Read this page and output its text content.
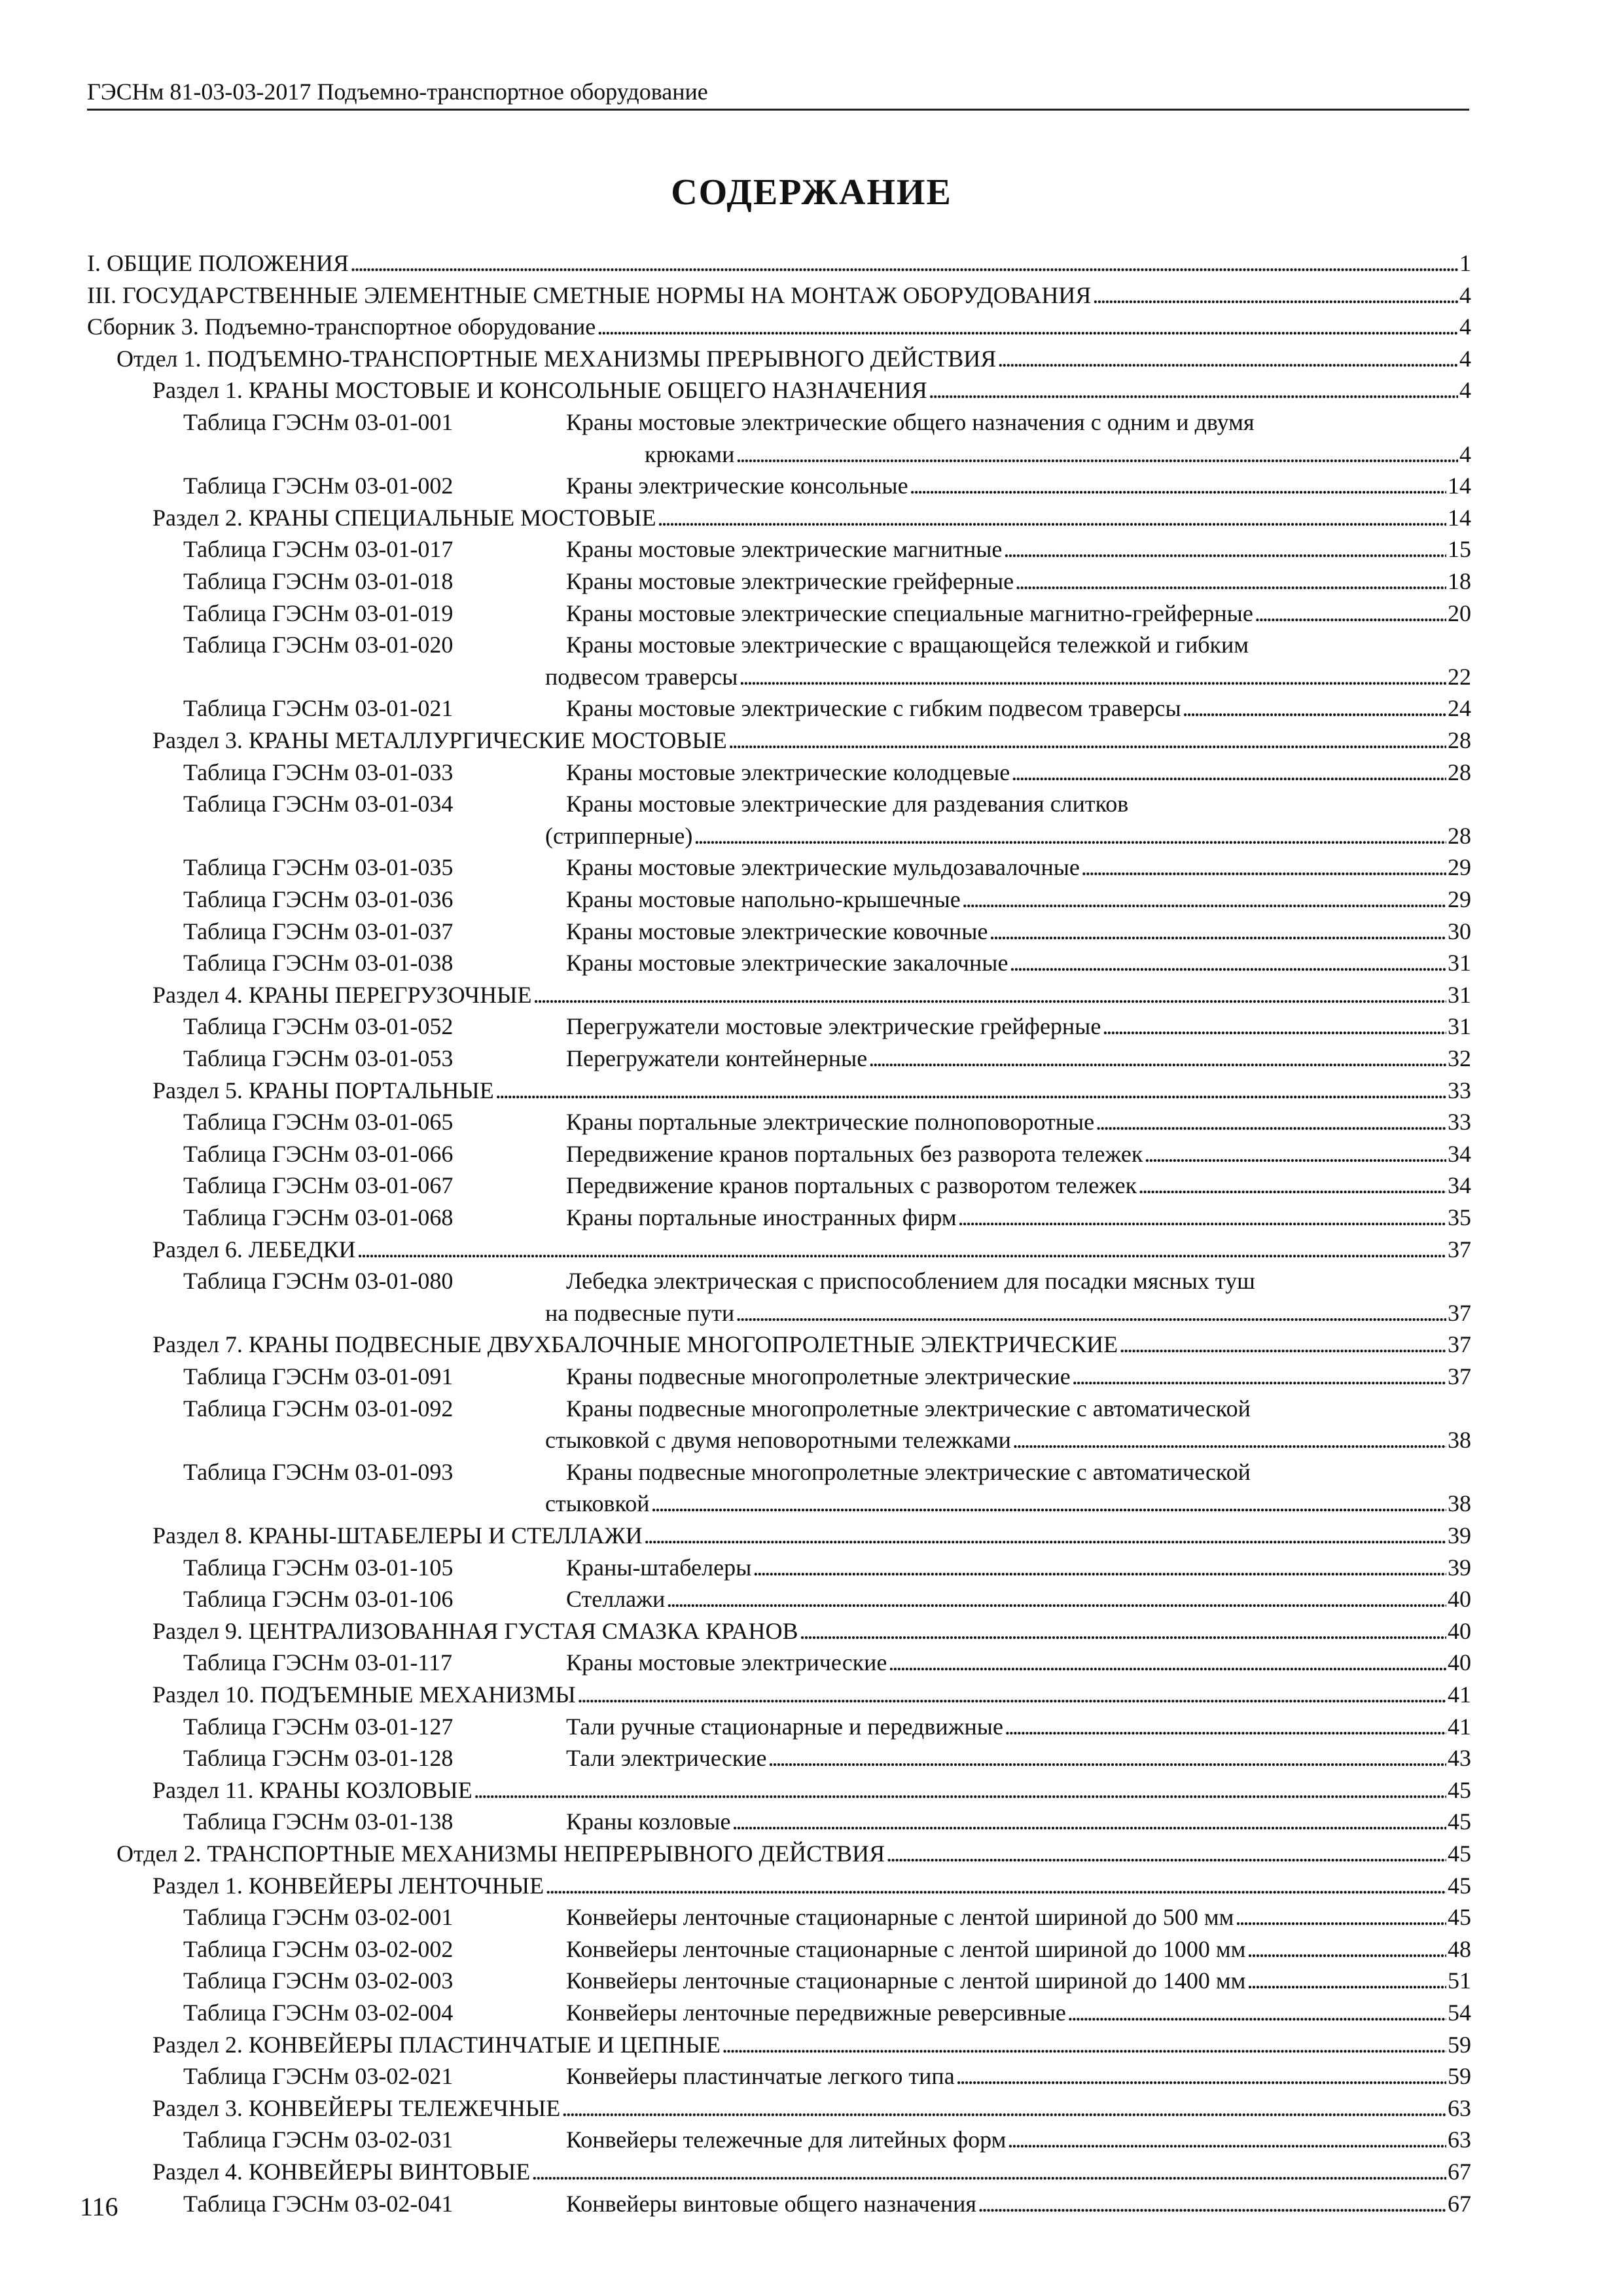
ГЭСНм 81-03-03-2017 Подъемно-транспортное оборудование
СОДЕРЖАНИЕ
I. ОБЩИЕ ПОЛОЖЕНИЯ . . .	1
III. ГОСУДАРСТВЕННЫЕ ЭЛЕМЕНТНЫЕ СМЕТНЫЕ НОРМЫ НА МОНТАЖ ОБОРУДОВАНИЯ . . .	4
Сборник 3. Подъемно-транспортное оборудование . . .	4
Отдел 1. ПОДЪЕМНО-ТРАНСПОРТНЫЕ МЕХАНИЗМЫ ПРЕРЫВНОГО ДЕЙСТВИЯ . . .	4
Раздел 1. КРАНЫ МОСТОВЫЕ И КОНСОЛЬНЫЕ ОБЩЕГО НАЗНАЧЕНИЯ . . .	4
Таблица ГЭСНм 03-01-001	Краны мостовые электрические общего назначения с одним и двумя
крюками . . .	4
Таблица ГЭСНм 03-01-002	Краны электрические консольные . . .	14
Раздел 2. КРАНЫ СПЕЦИАЛЬНЫЕ МОСТОВЫЕ . . .	14
Таблица ГЭСНм 03-01-017	Краны мостовые электрические магнитные . . .	15
Таблица ГЭСНм 03-01-018	Краны мостовые электрические грейферные . . .	18
Таблица ГЭСНм 03-01-019	Краны мостовые электрические специальные магнитно-грейферные . . .	20
Таблица ГЭСНм 03-01-020	Краны мостовые электрические с вращающейся тележкой и гибким
подвесом траверсы . . .	22
Таблица ГЭСНм 03-01-021	Краны мостовые электрические с гибким подвесом траверсы . . .	24
Раздел 3. КРАНЫ МЕТАЛЛУРГИЧЕСКИЕ МОСТОВЫЕ . . .	28
Таблица ГЭСНм 03-01-033	Краны мостовые электрические колодцевые . . .	28
Таблица ГЭСНм 03-01-034	Краны мостовые электрические для раздевания слитков
(стрипперные) . . .	28
Таблица ГЭСНм 03-01-035	Краны мостовые электрические мульдозавалочные . . .	29
Таблица ГЭСНм 03-01-036	Краны мостовые напольно-крышечные . . .	29
Таблица ГЭСНм 03-01-037	Краны мостовые электрические ковочные . . .	30
Таблица ГЭСНм 03-01-038	Краны мостовые электрические закалочные . . .	31
Раздел 4. КРАНЫ ПЕРЕГРУЗОЧНЫЕ . . .	31
Таблица ГЭСНм 03-01-052	Перегружатели мостовые электрические грейферные . . .	31
Таблица ГЭСНм 03-01-053	Перегружатели контейнерные . . .	32
Раздел 5. КРАНЫ ПОРТАЛЬНЫЕ . . .	33
Таблица ГЭСНм 03-01-065	Краны портальные электрические полноповоротные . . .	33
Таблица ГЭСНм 03-01-066	Передвижение кранов портальных без разворота тележек . . .	34
Таблица ГЭСНм 03-01-067	Передвижение кранов портальных с разворотом тележек . . .	34
Таблица ГЭСНм 03-01-068	Краны портальные иностранных фирм . . .	35
Раздел 6. ЛЕБЕДКИ . . .	37
Таблица ГЭСНм 03-01-080	Лебедка электрическая с приспособлением для посадки мясных туш
на подвесные пути . . .	37
Раздел 7. КРАНЫ ПОДВЕСНЫЕ ДВУХБАЛОЧНЫЕ МНОГОПРОЛЕТНЫЕ ЭЛЕКТРИЧЕСКИЕ . . .	37
Таблица ГЭСНм 03-01-091	Краны подвесные многопролетные электрические . . .	37
Таблица ГЭСНм 03-01-092	Краны подвесные многопролетные электрические с автоматической
стыковкой с двумя неповоротными тележками . . .	38
Таблица ГЭСНм 03-01-093	Краны подвесные многопролетные электрические с автоматической
стыковкой . . .	38
Раздел 8. КРАНЫ-ШТАБЕЛЕРЫ И СТЕЛЛАЖИ . . .	39
Таблица ГЭСНм 03-01-105	Краны-штабелеры . . .	39
Таблица ГЭСНм 03-01-106	Стеллажи . . .	40
Раздел 9. ЦЕНТРАЛИЗОВАННАЯ ГУСТАЯ СМАЗКА КРАНОВ . . .	40
Таблица ГЭСНм 03-01-117	Краны мостовые электрические . . .	40
Раздел 10. ПОДЪЕМНЫЕ МЕХАНИЗМЫ . . .	41
Таблица ГЭСНм 03-01-127	Тали ручные стационарные и передвижные . . .	41
Таблица ГЭСНм 03-01-128	Тали электрические . . .	43
Раздел 11. КРАНЫ КОЗЛОВЫЕ . . .	45
Таблица ГЭСНм 03-01-138	Краны козловые . . .	45
Отдел 2. ТРАНСПОРТНЫЕ МЕХАНИЗМЫ НЕПРЕРЫВНОГО ДЕЙСТВИЯ . . .	45
Раздел 1. КОНВЕЙЕРЫ ЛЕНТОЧНЫЕ . . .	45
Таблица ГЭСНм 03-02-001	Конвейеры ленточные стационарные с лентой шириной до 500 мм . . .	45
Таблица ГЭСНм 03-02-002	Конвейеры ленточные стационарные с лентой шириной до 1000 мм . . .	48
Таблица ГЭСНм 03-02-003	Конвейеры ленточные стационарные с лентой шириной до 1400 мм . . .	51
Таблица ГЭСНм 03-02-004	Конвейеры ленточные передвижные реверсивные . . .	54
Раздел 2. КОНВЕЙЕРЫ ПЛАСТИНЧАТЫЕ И ЦЕПНЫЕ . . .	59
Таблица ГЭСНм 03-02-021	Конвейеры пластинчатые легкого типа . . .	59
Раздел 3. КОНВЕЙЕРЫ ТЕЛЕЖЕЧНЫЕ . . .	63
Таблица ГЭСНм 03-02-031	Конвейеры тележечные для литейных форм . . .	63
Раздел 4. КОНВЕЙЕРЫ ВИНТОВЫЕ . . .	67
Таблица ГЭСНм 03-02-041	Конвейеры винтовые общего назначения . . .	67
116
